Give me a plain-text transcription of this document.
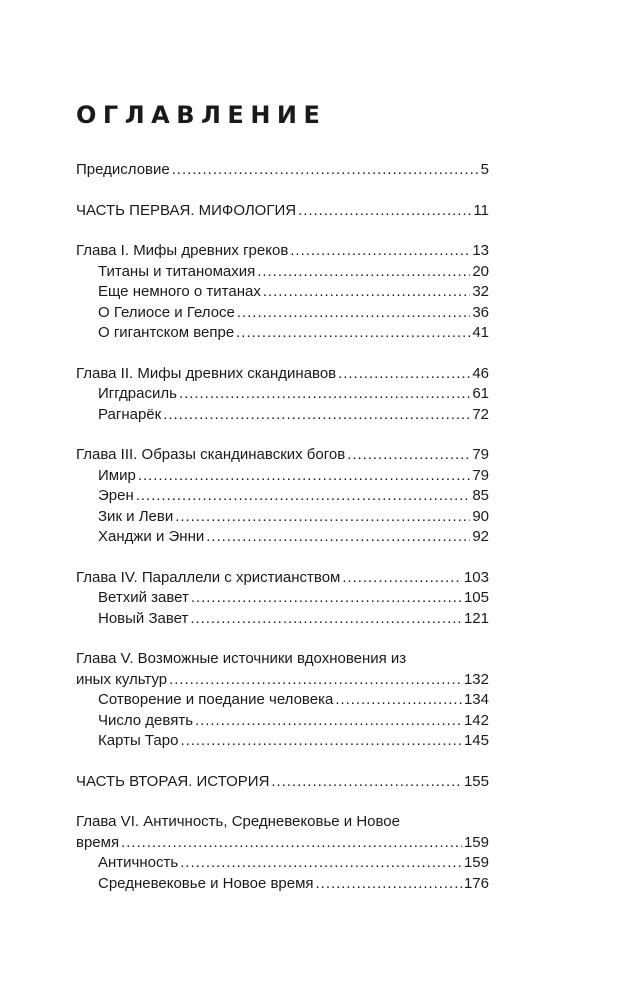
ОГЛАВЛЕНИЕ
Предисловие . . .	5
ЧАСТЬ ПЕРВАЯ. МИФОЛОГИЯ . . .	11
Глава I. Мифы древних греков . . .	13
Титаны и титаномахия . . .	20
Еще немного о титанах . . .	32
О Гелиосе и Гелосе . . .	36
О гигантском вепре . . .	41
Глава II. Мифы древних скандинавов . . .	46
Иггдрасиль . . .	61
Рагнарёк . . .	72
Глава III. Образы скандинавских богов . . .	79
Имир . . .	79
Эрен . . .	85
Зик и Леви . . .	90
Ханджи и Энни . . .	92
Глава IV. Параллели с христианством . . .	103
Ветхий завет . . .	105
Новый Завет . . .	121
Глава V. Возможные источники вдохновения из
иных культур . . .	132
Сотворение и поедание человека . . .	134
Число девять . . .	142
Карты Таро . . .	145
ЧАСТЬ ВТОРАЯ. ИСТОРИЯ . . .	155
Глава VI. Античность, Средневековье и Новое
время . . .	159
Античность . . .	159
Средневековье и Новое время . . .	176
